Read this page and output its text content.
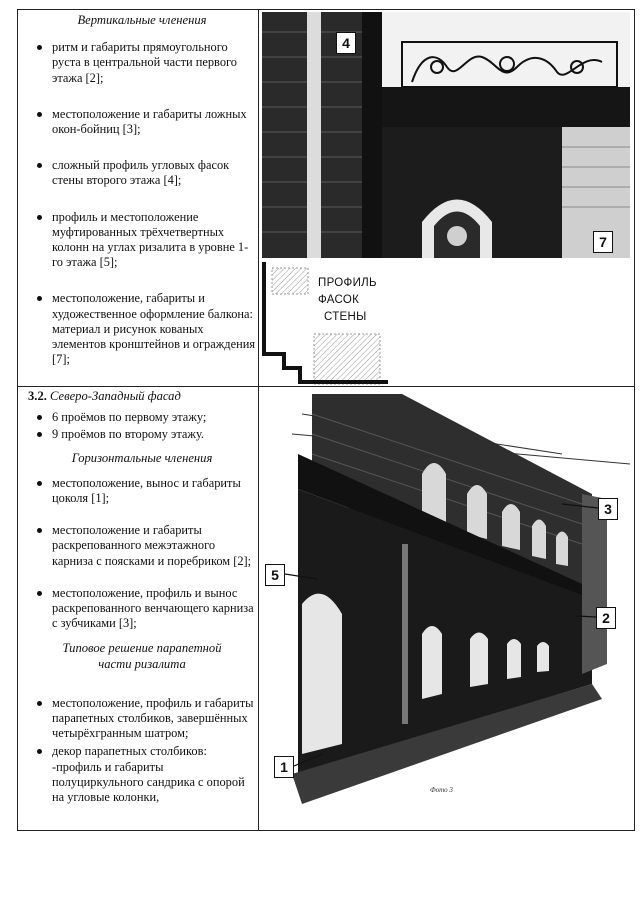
Вертикальные членения
ритм и габариты прямоугольного руста в центральной части первого этажа [2];
местоположение и габариты ложных окон-бойниц [3];
сложный профиль угловых фасок стены второго этажа [4];
профиль и местоположение муфтированных трёхчетвертных колонн на углах ризалита в уровне 1-го этажа [5];
местоположение, габариты и художественное оформление балкона: материал и рисунок кованых элементов кронштейнов и ограждения [7];
4
7
ПРОФИЛЬ
ФАСОК
СТЕНЫ
3.2. Северо-Западный фасад
6 проёмов по первому этажу;
9 проёмов по второму этажу.
Горизонтальные членения
местоположение, вынос и габариты цоколя [1];
местоположение и габариты раскрепованного межэтажного карниза с поясками и поребриком [2];
местоположение, профиль и вынос раскрепованного венчающего карниза с зубчиками [3];
Типовое решение парапетной
части ризалита
местоположение, профиль и габариты парапетных столбиков, завершённых четырёхгранным шатром;
декор парапетных столбиков: -профиль и габариты полуциркульного сандрика с опорой на угловые колонки,
5
3
2
1
Фото 3
